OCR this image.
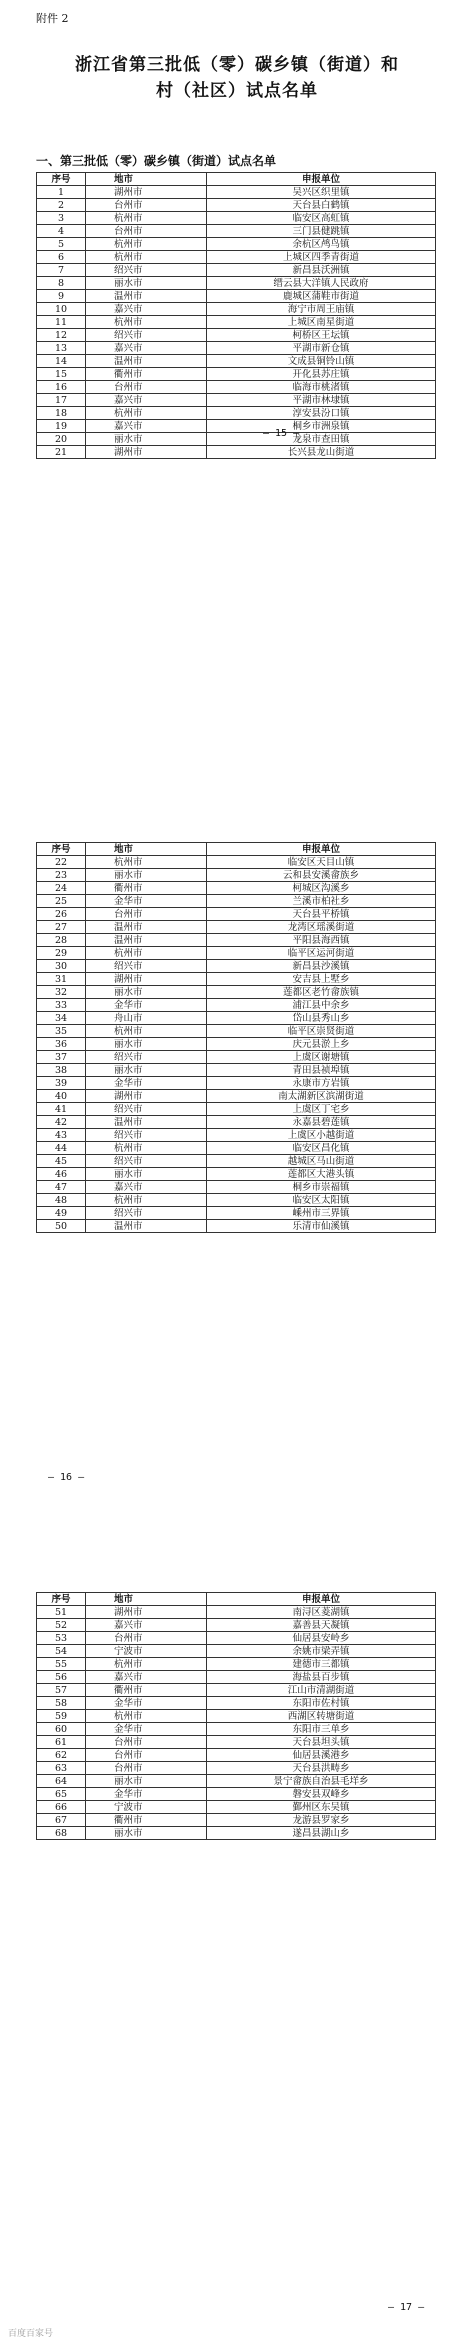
附件 2
浙江省第三批低（零）碳乡镇（街道）和
村（社区）试点名单
一、第三批低（零）碳乡镇（街道）试点名单
序号	地市	申报单位
1	湖州市	吴兴区织里镇
2	台州市	天台县白鹤镇
3	杭州市	临安区高虹镇
4	台州市	三门县健跳镇
5	杭州市	余杭区鸬鸟镇
6	杭州市	上城区四季青街道
7	绍兴市	新昌县沃洲镇
8	丽水市	缙云县大洋镇人民政府
9	温州市	鹿城区蒲鞋市街道
10	嘉兴市	海宁市周王庙镇
11	杭州市	上城区南星街道
12	绍兴市	柯桥区王坛镇
13	嘉兴市	平湖市新仓镇
14	温州市	文成县铜铃山镇
15	衢州市	开化县苏庄镇
16	台州市	临海市桃渚镇
17	嘉兴市	平湖市林埭镇
18	杭州市	淳安县汾口镇
19	嘉兴市	桐乡市洲泉镇
20	丽水市	龙泉市查田镇
21	湖州市	长兴县龙山街道
— 15 —
序号	地市	申报单位
22	杭州市	临安区天目山镇
23	丽水市	云和县安溪畲族乡
24	衢州市	柯城区沟溪乡
25	金华市	兰溪市柏社乡
26	台州市	天台县平桥镇
27	温州市	龙湾区瑶溪街道
28	温州市	平阳县海西镇
29	杭州市	临平区运河街道
30	绍兴市	新昌县沙溪镇
31	湖州市	安吉县上墅乡
32	丽水市	莲都区老竹畲族镇
33	金华市	浦江县中余乡
34	舟山市	岱山县秀山乡
35	杭州市	临平区崇贤街道
36	丽水市	庆元县淤上乡
37	绍兴市	上虞区谢塘镇
38	丽水市	青田县祯埠镇
39	金华市	永康市方岩镇
40	湖州市	南太湖新区滨湖街道
41	绍兴市	上虞区丁宅乡
42	温州市	永嘉县碧莲镇
43	绍兴市	上虞区小越街道
44	杭州市	临安区昌化镇
45	绍兴市	越城区马山街道
46	丽水市	莲都区大港头镇
47	嘉兴市	桐乡市崇福镇
48	杭州市	临安区太阳镇
49	绍兴市	嵊州市三界镇
50	温州市	乐清市仙溪镇
— 16 —
序号	地市	申报单位
51	湖州市	南浔区菱湖镇
52	嘉兴市	嘉善县天凝镇
53	台州市	仙居县安岭乡
54	宁波市	余姚市梁弄镇
55	杭州市	建德市三都镇
56	嘉兴市	海盐县百步镇
57	衢州市	江山市清湖街道
58	金华市	东阳市佐村镇
59	杭州市	西湖区转塘街道
60	金华市	东阳市三单乡
61	台州市	天台县坦头镇
62	台州市	仙居县溪港乡
63	台州市	天台县洪畴乡
64	丽水市	景宁畲族自治县毛垟乡
65	金华市	磐安县双峰乡
66	宁波市	鄞州区东吴镇
67	衢州市	龙游县罗家乡
68	丽水市	遂昌县湖山乡
— 17 —
百度百家号
